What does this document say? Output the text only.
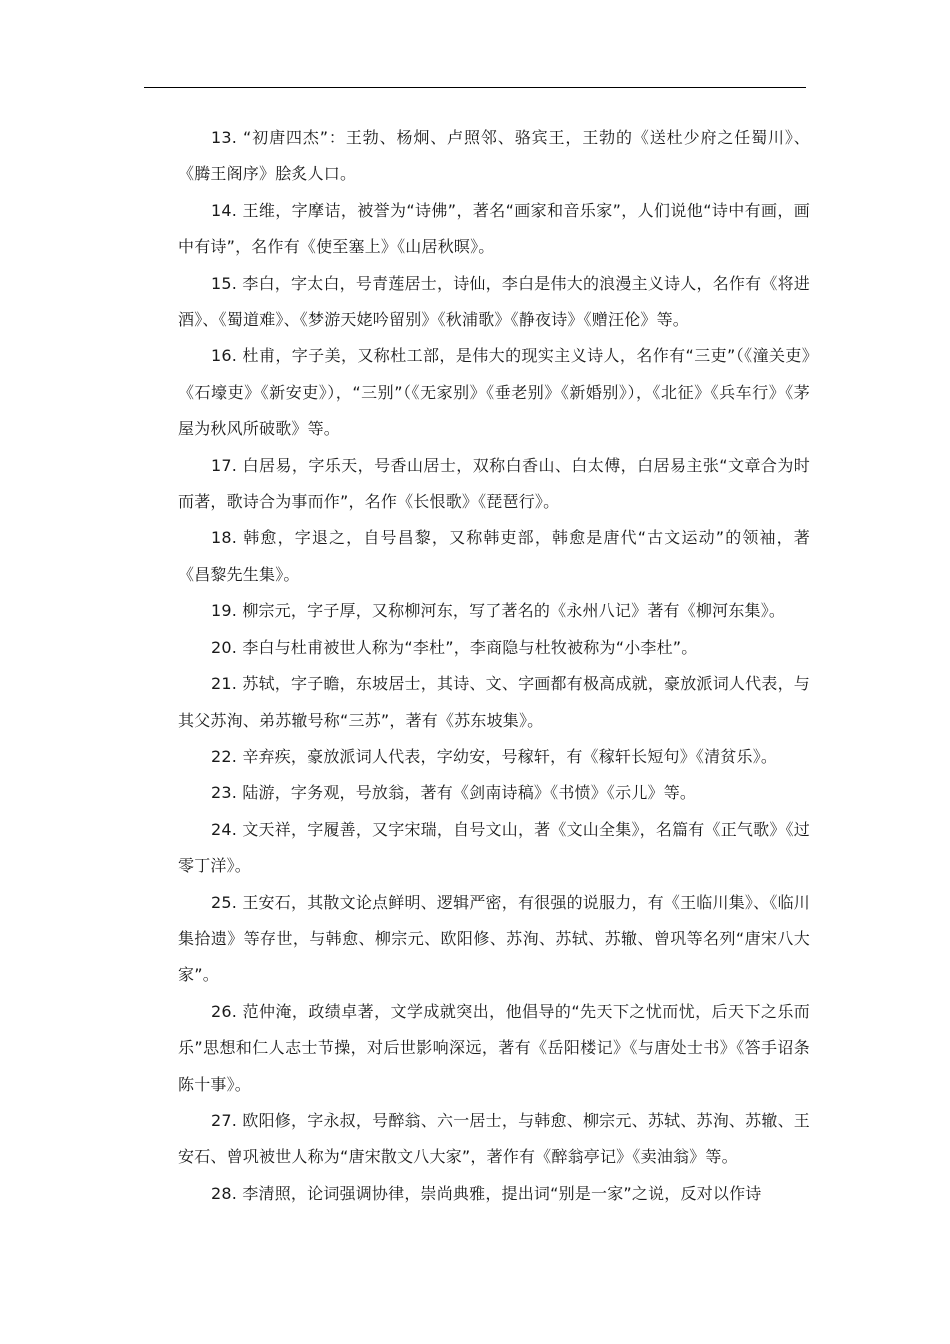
13. “初唐四杰”：王勃、杨炯、卢照邻、骆宾王，王勃的《送杜少府之任蜀川》、《腾王阁序》脍炙人口。

14. 王维，字摩诘，被誉为“诗佛”，著名“画家和音乐家”，人们说他“诗中有画，画中有诗”，名作有《使至塞上》《山居秋暝》。

15. 李白，字太白，号青莲居士，诗仙，李白是伟大的浪漫主义诗人，名作有《将进酒》、《蜀道难》、《梦游天姥吟留别》《秋浦歌》《静夜诗》《赠汪伦》等。

16. 杜甫，字子美，又称杜工部，是伟大的现实主义诗人，名作有“三吏”（《潼关吏》《石壕吏》《新安吏》），“三别”（《无家别》《垂老别》《新婚别》），《北征》《兵车行》《茅屋为秋风所破歌》等。

17. 白居易，字乐天，号香山居士，双称白香山、白太傅，白居易主张“文章合为时而著，歌诗合为事而作”，名作《长恨歌》《琵琶行》。

18. 韩愈，字退之，自号昌黎，又称韩吏部，韩愈是唐代“古文运动”的领袖，著《昌黎先生集》。

19. 柳宗元，字子厚，又称柳河东，写了著名的《永州八记》著有《柳河东集》。

20. 李白与杜甫被世人称为“李杜”，李商隐与杜牧被称为“小李杜”。

21. 苏轼，字子瞻，东坡居士，其诗、文、字画都有极高成就，豪放派词人代表，与其父苏洵、弟苏辙号称“三苏”，著有《苏东坡集》。

22. 辛弃疾，豪放派词人代表，字幼安，号稼轩，有《稼轩长短句》《清贫乐》。

23. 陆游，字务观，号放翁，著有《剑南诗稿》《书愤》《示儿》等。

24. 文天祥，字履善，又字宋瑞，自号文山，著《文山全集》，名篇有《正气歌》《过零丁洋》。

25. 王安石，其散文论点鲜明、逻辑严密，有很强的说服力，有《王临川集》、《临川集拾遗》等存世，与韩愈、柳宗元、欧阳修、苏洵、苏轼、苏辙、曾巩等名列“唐宋八大家”。

26. 范仲淹，政绩卓著，文学成就突出，他倡导的“先天下之忧而忧，后天下之乐而乐”思想和仁人志士节操，对后世影响深远，著有《岳阳楼记》《与唐处士书》《答手诏条陈十事》。

27. 欧阳修，字永叔，号醉翁、六一居士，与韩愈、柳宗元、苏轼、苏洵、苏辙、王安石、曾巩被世人称为“唐宋散文八大家”，著作有《醉翁亭记》《卖油翁》等。

28. 李清照，论词强调协律，崇尚典雅，提出词“别是一家”之说，反对以作诗
